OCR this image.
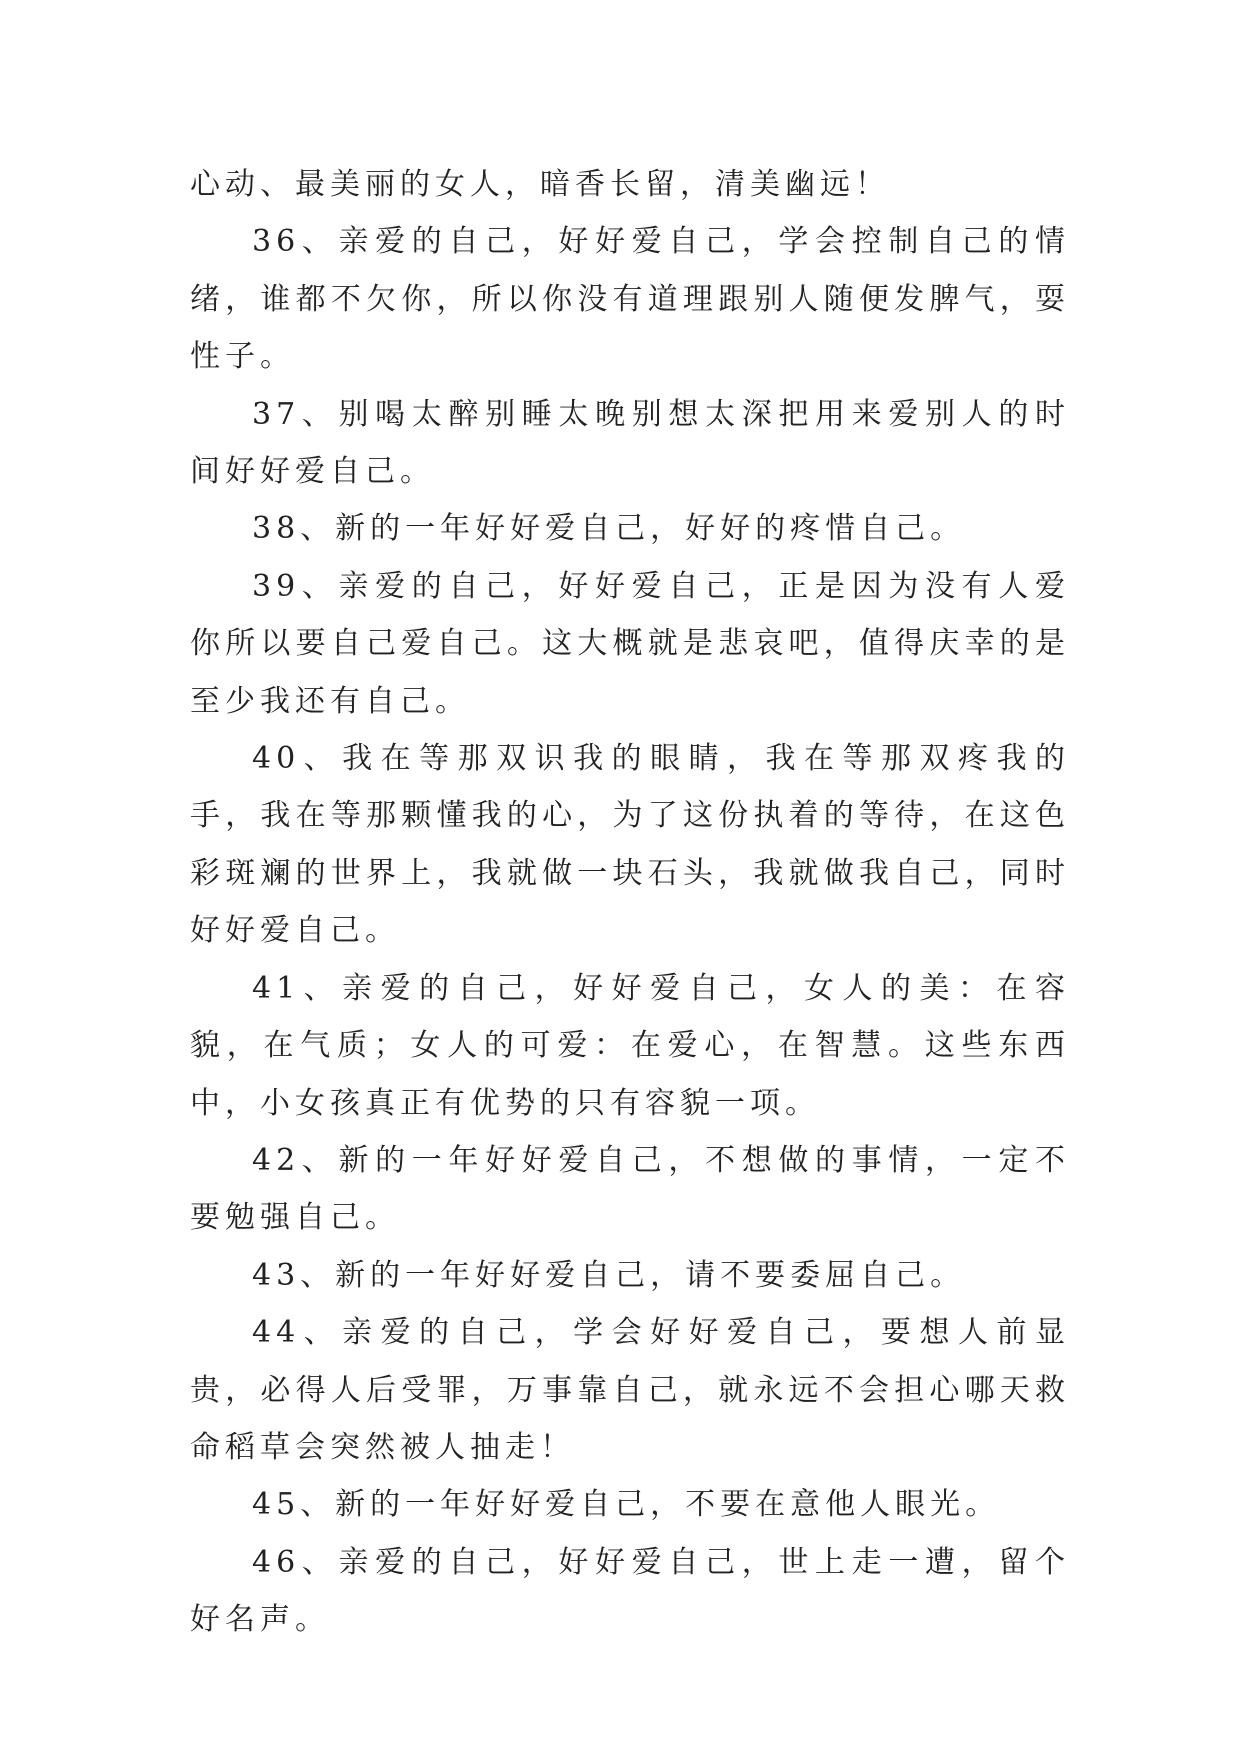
心动、最美丽的女人，暗香长留，清美幽远！

36、亲爱的自己，好好爱自己，学会控制自己的情绪，谁都不欠你，所以你没有道理跟别人随便发脾气，耍性子。

37、别喝太醉别睡太晚别想太深把用来爱别人的时间好好爱自己。

38、新的一年好好爱自己，好好的疼惜自己。

39、亲爱的自己，好好爱自己，正是因为没有人爱你所以要自己爱自己。这大概就是悲哀吧，值得庆幸的是至少我还有自己。

40、我在等那双识我的眼睛，我在等那双疼我的手，我在等那颗懂我的心，为了这份执着的等待，在这色彩斑斓的世界上，我就做一块石头，我就做我自己，同时好好爱自己。

41、亲爱的自己，好好爱自己，女人的美：在容貌，在气质；女人的可爱：在爱心，在智慧。这些东西中，小女孩真正有优势的只有容貌一项。

42、新的一年好好爱自己，不想做的事情，一定不要勉强自己。

43、新的一年好好爱自己，请不要委屈自己。

44、亲爱的自己，学会好好爱自己，要想人前显贵，必得人后受罪，万事靠自己，就永远不会担心哪天救命稻草会突然被人抽走！

45、新的一年好好爱自己，不要在意他人眼光。

46、亲爱的自己，好好爱自己，世上走一遭，留个好名声。
